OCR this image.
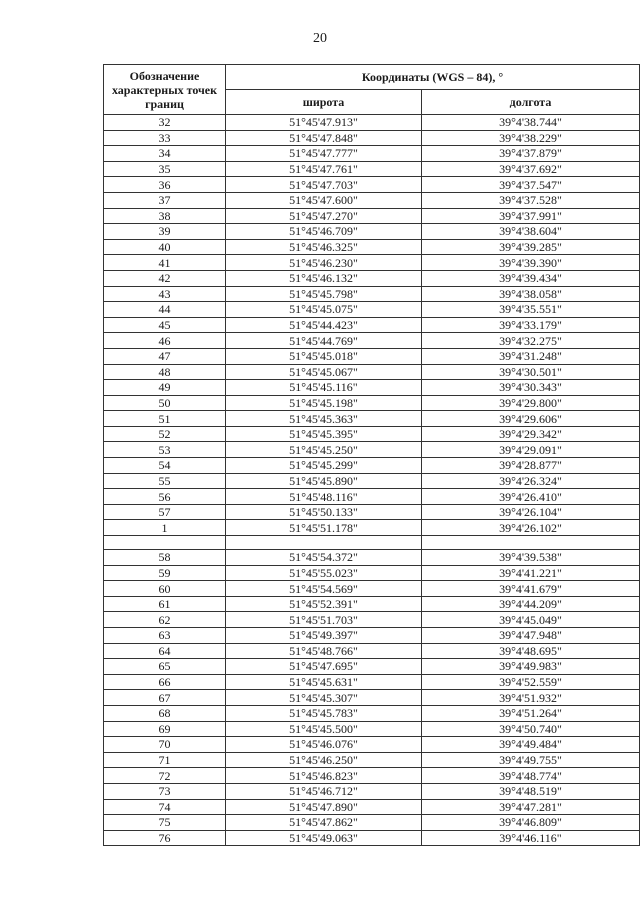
20
Обозначение характерных точек границ	Координаты (WGS – 84), °	
	широта	долгота
32	51°45'47.913"	39°4'38.744"
33	51°45'47.848"	39°4'38.229"
34	51°45'47.777"	39°4'37.879"
35	51°45'47.761"	39°4'37.692"
36	51°45'47.703"	39°4'37.547"
37	51°45'47.600"	39°4'37.528"
38	51°45'47.270"	39°4'37.991"
39	51°45'46.709"	39°4'38.604"
40	51°45'46.325"	39°4'39.285"
41	51°45'46.230"	39°4'39.390"
42	51°45'46.132"	39°4'39.434"
43	51°45'45.798"	39°4'38.058"
44	51°45'45.075"	39°4'35.551"
45	51°45'44.423"	39°4'33.179"
46	51°45'44.769"	39°4'32.275"
47	51°45'45.018"	39°4'31.248"
48	51°45'45.067"	39°4'30.501"
49	51°45'45.116"	39°4'30.343"
50	51°45'45.198"	39°4'29.800"
51	51°45'45.363"	39°4'29.606"
52	51°45'45.395"	39°4'29.342"
53	51°45'45.250"	39°4'29.091"
54	51°45'45.299"	39°4'28.877"
55	51°45'45.890"	39°4'26.324"
56	51°45'48.116"	39°4'26.410"
57	51°45'50.133"	39°4'26.104"
1	51°45'51.178"	39°4'26.102"

58	51°45'54.372"	39°4'39.538"
59	51°45'55.023"	39°4'41.221"
60	51°45'54.569"	39°4'41.679"
61	51°45'52.391"	39°4'44.209"
62	51°45'51.703"	39°4'45.049"
63	51°45'49.397"	39°4'47.948"
64	51°45'48.766"	39°4'48.695"
65	51°45'47.695"	39°4'49.983"
66	51°45'45.631"	39°4'52.559"
67	51°45'45.307"	39°4'51.932"
68	51°45'45.783"	39°4'51.264"
69	51°45'45.500"	39°4'50.740"
70	51°45'46.076"	39°4'49.484"
71	51°45'46.250"	39°4'49.755"
72	51°45'46.823"	39°4'48.774"
73	51°45'46.712"	39°4'48.519"
74	51°45'47.890"	39°4'47.281"
75	51°45'47.862"	39°4'46.809"
76	51°45'49.063"	39°4'46.116"
